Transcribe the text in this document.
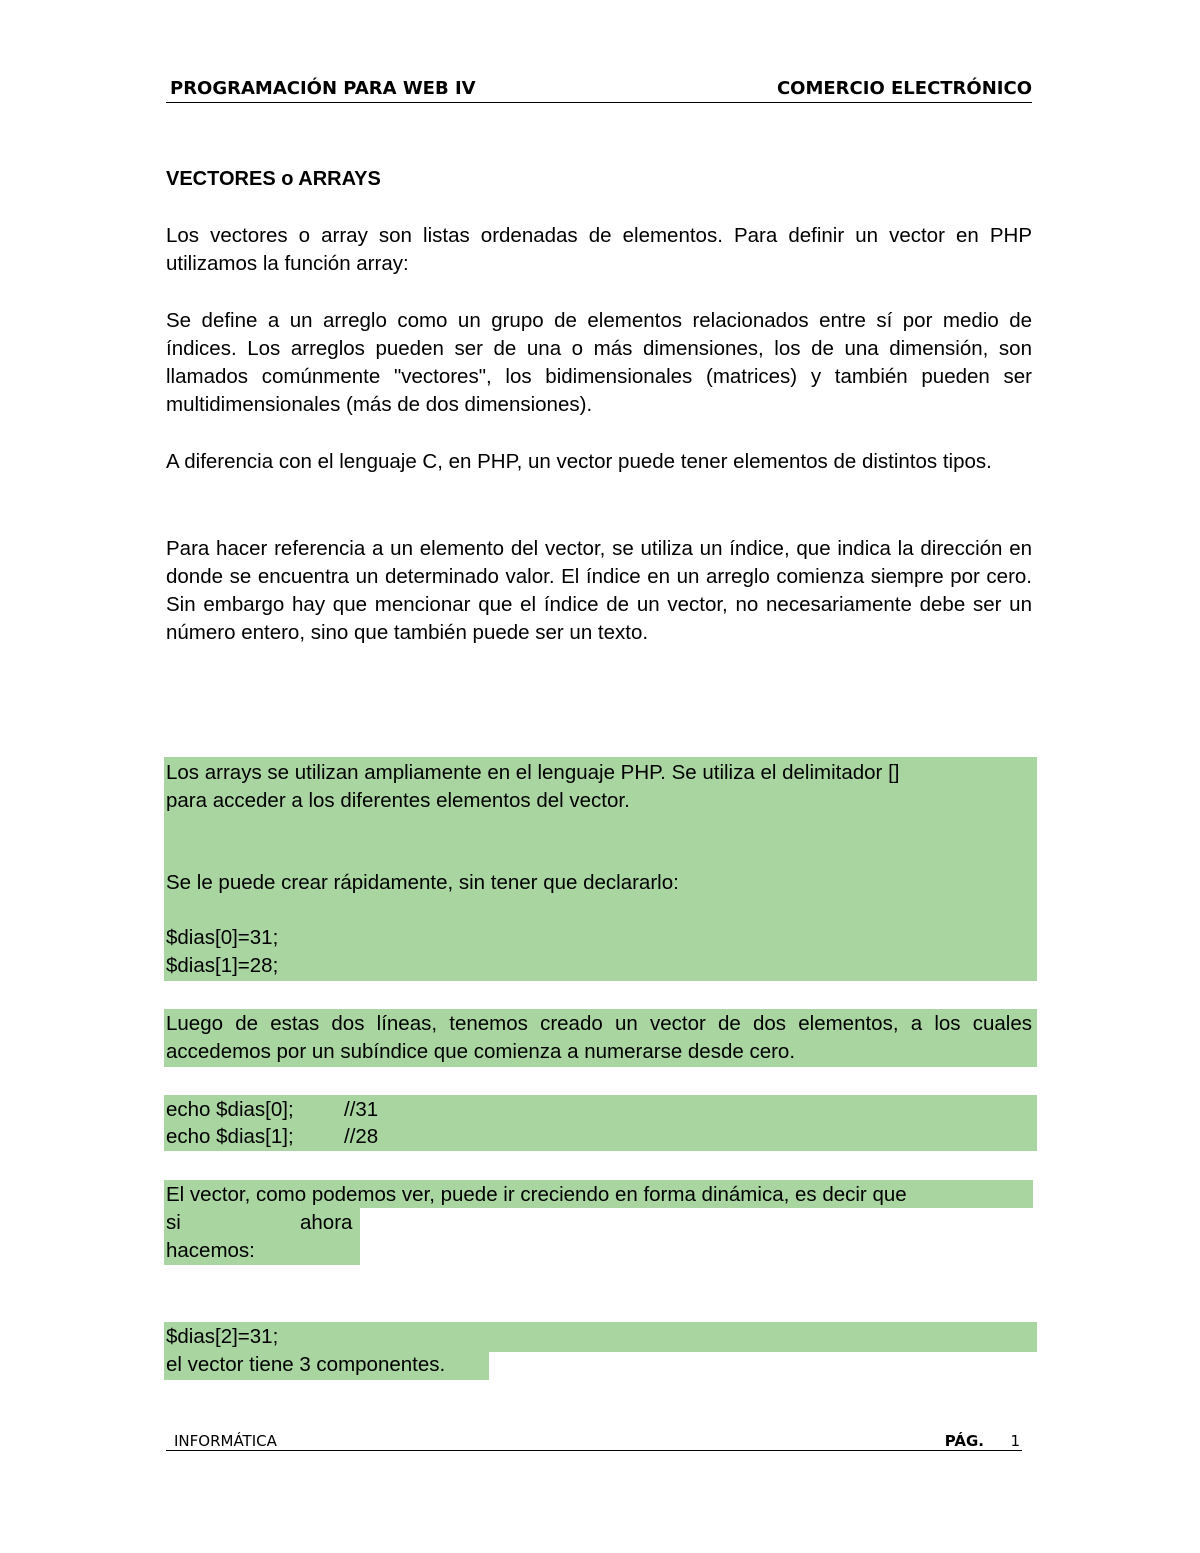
PROGRAMACIÓN PARA WEB IV	COMERCIO ELECTRÓNICO
VECTORES o ARRAYS

Los vectores o array son listas ordenadas de elementos. Para definir un vector en PHP utilizamos la función array:

Se define a un arreglo como un grupo de elementos relacionados entre sí por medio de índices. Los arreglos pueden ser de una o más dimensiones, los de una dimensión, son llamados comúnmente "vectores", los bidimensionales (matrices) y también pueden ser multidimensionales (más de dos dimensiones).

A diferencia con el lenguaje C, en PHP, un vector puede tener elementos de distintos tipos.

Para hacer referencia a un elemento del vector, se utiliza un índice, que indica la dirección en donde se encuentra un determinado valor. El índice en un arreglo comienza siempre por cero. Sin embargo hay que mencionar que el índice de un vector, no necesariamente debe ser un número entero, sino que también puede ser un texto.

Los arrays se utilizan ampliamente en el lenguaje PHP. Se utiliza el delimitador []
para acceder a los diferentes elementos del vector.
Se le puede crear rápidamente, sin tener que declararlo:
$dias[0]=31;
$dias[1]=28;

Luego de estas dos líneas, tenemos creado un vector de dos elementos, a los cuales accedemos por un subíndice que comienza a numerarse desde cero.

echo $dias[0]; //31
echo $dias[1]; //28
El vector, como podemos ver, puede ir creciendo en forma dinámica, es decir que
si	ahora
hacemos:
$dias[2]=31;
el vector tiene 3 componentes.
INFORMÁTICA	PÁG. 1
